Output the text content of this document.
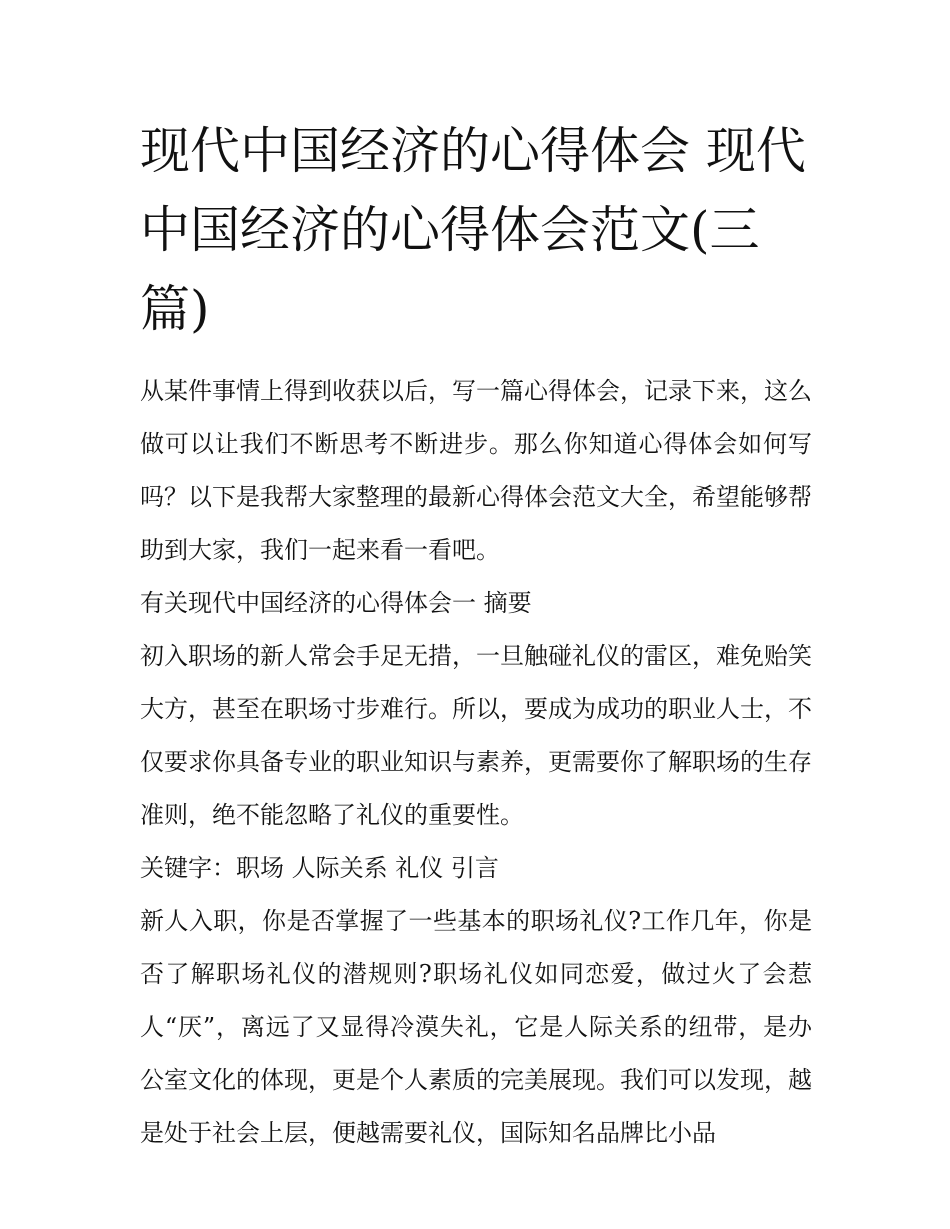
现代中国经济的心得体会 现代中国经济的心得体会范文(三篇)

从某件事情上得到收获以后，写一篇心得体会，记录下来，这么做可以让我们不断思考不断进步。那么你知道心得体会如何写吗？以下是我帮大家整理的最新心得体会范文大全，希望能够帮助到大家，我们一起来看一看吧。

有关现代中国经济的心得体会一 摘要

初入职场的新人常会手足无措，一旦触碰礼仪的雷区，难免贻笑大方，甚至在职场寸步难行。所以，要成为成功的职业人士，不仅要求你具备专业的职业知识与素养，更需要你了解职场的生存准则，绝不能忽略了礼仪的重要性。

关键字：职场 人际关系 礼仪 引言

新人入职，你是否掌握了一些基本的职场礼仪?工作几年，你是否了解职场礼仪的潜规则?职场礼仪如同恋爱，做过火了会惹人“厌”，离远了又显得冷漠失礼，它是人际关系的纽带，是办公室文化的体现，更是个人素质的完美展现。我们可以发现，越是处于社会上层，便越需要礼仪，国际知名品牌比小品
